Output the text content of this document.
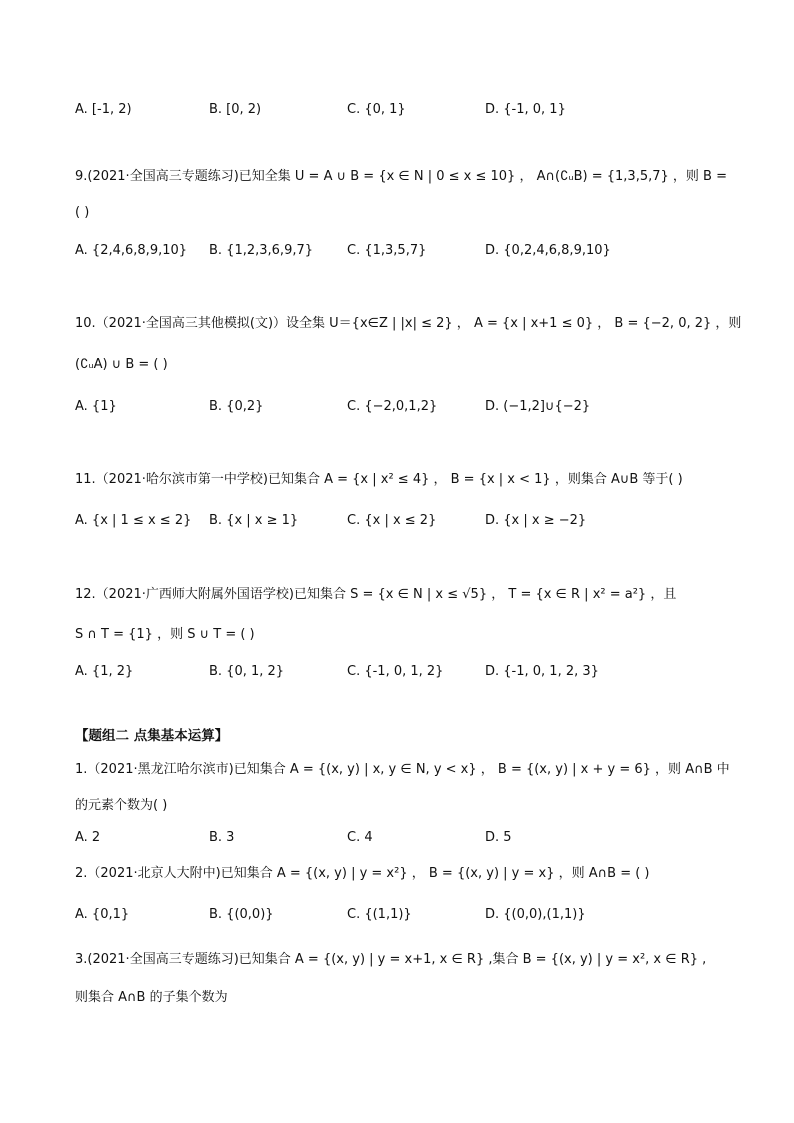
A. [-1, 2)	B. [0, 2)	C. {0, 1}	D. {-1, 0, 1}
9.(2021·全国高三专题练习)已知全集 U = A ∪ B = {x ∈ N | 0 ≤ x ≤ 10} ， A∩(∁ᵤB) = {1,3,5,7} ，则 B =
( )
A. {2,4,6,8,9,10} B. {1,2,3,6,9,7}	C. {1,3,5,7}	D. {0,2,4,6,8,9,10}
10.（2021·全国高三其他模拟(文)）设全集 U＝{x∈Z | |x| ≤ 2} ， A = {x | x+1 ≤ 0} ， B = {−2, 0, 2} ，则
(∁ᵤA) ∪ B = ( )
A. {1}	B. {0,2}	C. {−2,0,1,2}	D. (−1,2]∪{−2}
11.（2021·哈尔滨市第一中学校)已知集合 A = {x | x² ≤ 4} ， B = {x | x < 1} ，则集合 A∪B 等于( )
A. {x | 1 ≤ x ≤ 2} B. {x | x ≥ 1}	C. {x | x ≤ 2}	D. {x | x ≥ −2}
12.（2021·广西师大附属外国语学校)已知集合 S = {x ∈ N | x ≤ √5} ， T = {x ∈ R | x² = a²} ，且
S ∩ T = {1} ，则 S ∪ T = ( )
A. {1, 2}	B. {0, 1, 2}	C. {-1, 0, 1, 2}	D. {-1, 0, 1, 2, 3}
【题组二 点集基本运算】
1.（2021·黑龙江哈尔滨市)已知集合 A = {(x, y) | x, y ∈ N, y < x} ， B = {(x, y) | x + y = 6} ，则 A∩B 中
的元素个数为( )
A. 2	B. 3	C. 4	D. 5
2.（2021·北京人大附中)已知集合 A = {(x, y) | y = x²} ， B = {(x, y) | y = x} ，则 A∩B = ( )
A. {0,1}	B. {(0,0)}	C. {(1,1)}	D. {(0,0),(1,1)}
3.(2021·全国高三专题练习)已知集合 A = {(x, y) | y = x+1, x ∈ R} ,集合 B = {(x, y) | y = x², x ∈ R} ,
则集合 A∩B 的子集个数为
